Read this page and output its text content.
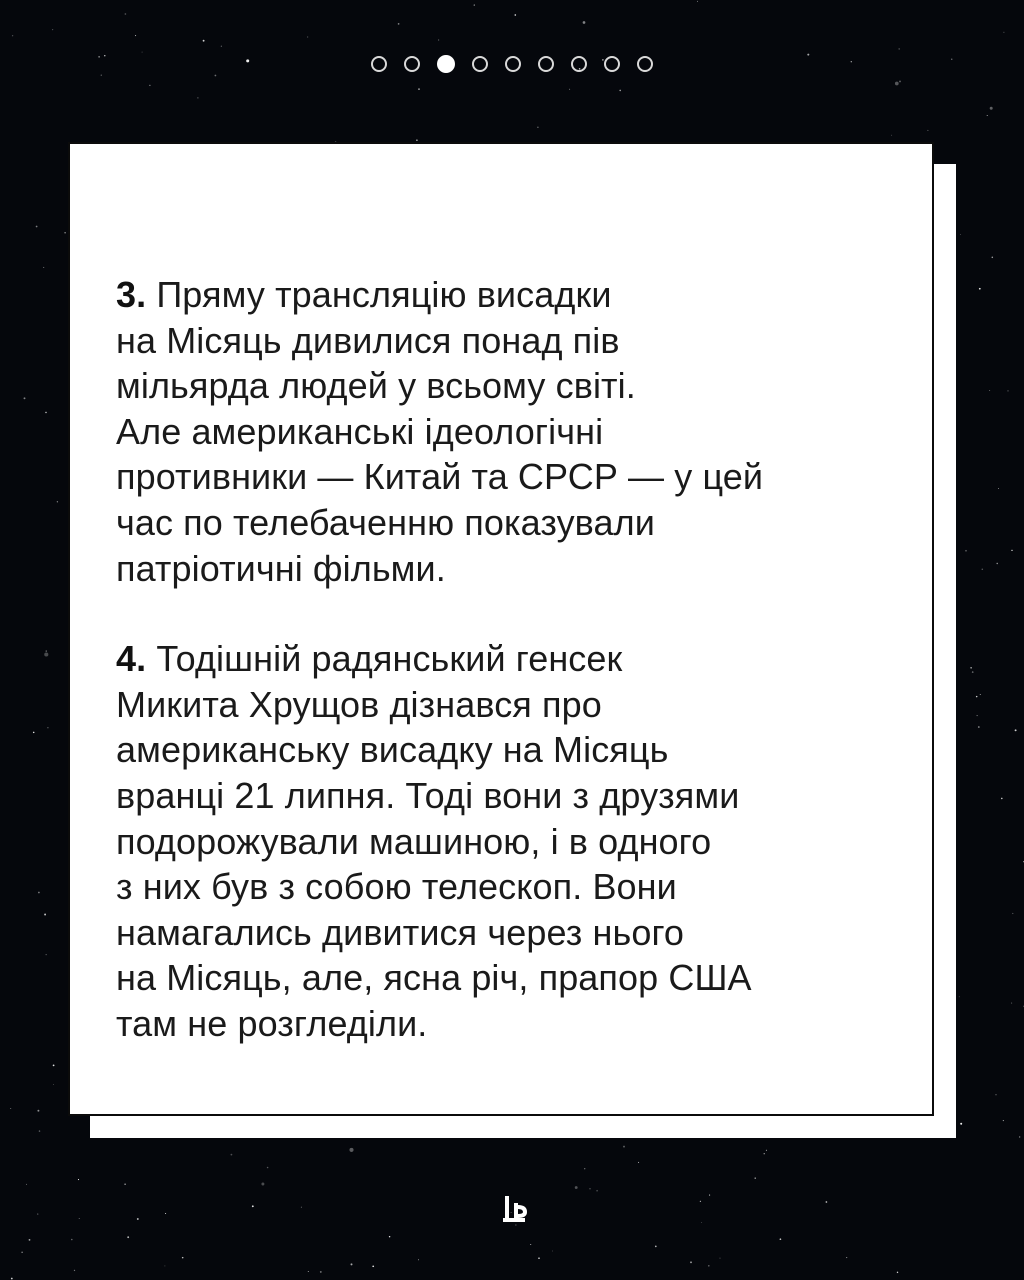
3. Пряму трансляцію висадки
на Місяць дивилися понад пів
мільярда людей у всьому світі.
Але американські ідеологічні
противники — Китай та СРСР — у цей
час по телебаченню показували
патріотичні фільми.

4. Тодішній радянський генсек
Микита Хрущов дізнався про
американську висадку на Місяць
вранці 21 липня. Тоді вони з друзями
подорожували машиною, і в одного
з них був з собою телескоп. Вони
намагались дивитися через нього
на Місяць, але, ясна річ, прапор США
там не розгледіли.
